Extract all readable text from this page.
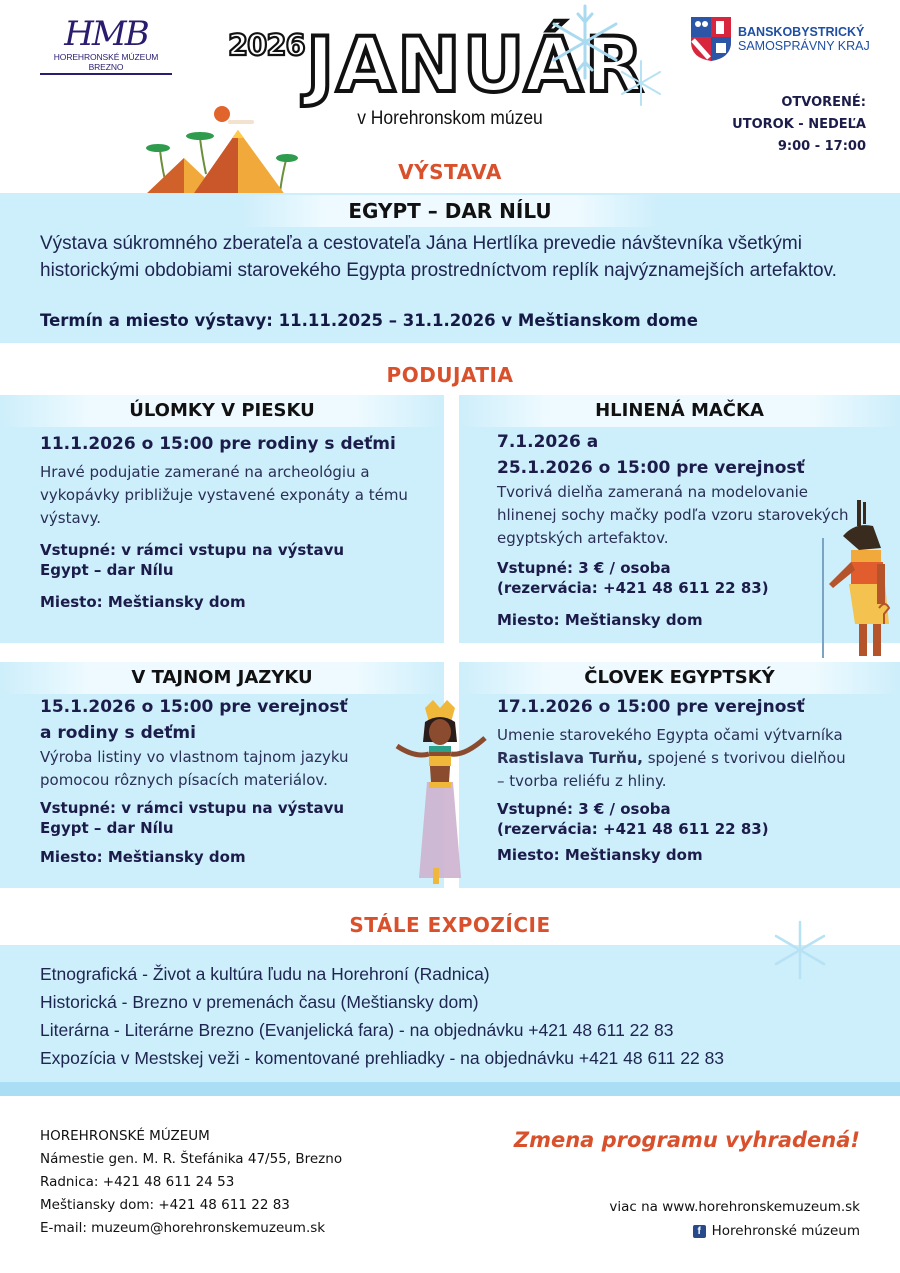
HMB
HOREHRONSKÉ MÚZEUM BREZNO
2026 JANUÁR
v Horehronskom múzeu
BANSKOBYSTRICKÝ
SAMOSPRÁVNY KRAJ
OTVORENÉ:
UTOROK - NEDEĽA
9:00 - 17:00
VÝSTAVA
EGYPT – DAR NÍLU
Výstava súkromného zberateľa a cestovateľa Jána Hertlíka prevedie návštevníka všetkými historickými obdobiami starovekého Egypta prostredníctvom replík najvýznamejších artefaktov.
Termín a miesto výstavy: 11.11.2025 – 31.1.2026 v Meštianskom dome
PODUJATIA
ÚLOMKY V PIESKU
11.1.2026 o 15:00 pre rodiny s deťmi
Hravé podujatie zamerané na archeológiu a vykopávky približuje vystavené exponáty a tému výstavy.
Vstupné: v rámci vstupu na výstavu
Egypt – dar Nílu
Miesto: Meštiansky dom
HLINENÁ MAČKA
7.1.2026 a
25.1.2026 o 15:00 pre verejnosť
Tvorivá dielňa zameraná na modelovanie hlinenej sochy mačky podľa vzoru starovekých egyptských artefaktov.
Vstupné: 3 € / osoba
(rezervácia: +421 48 611 22 83)
Miesto: Meštiansky dom
V TAJNOM JAZYKU
15.1.2026 o 15:00 pre verejnosť
a rodiny s deťmi
Výroba listiny vo vlastnom tajnom jazyku pomocou rôznych písacích materiálov.
Vstupné: v rámci vstupu na výstavu
Egypt – dar Nílu
Miesto: Meštiansky dom
ČLOVEK EGYPTSKÝ
17.1.2026 o 15:00 pre verejnosť
Umenie starovekého Egypta očami výtvarníka Rastislava Turňu, spojené s tvorivou dielňou – tvorba reliéfu z hliny.
Vstupné: 3 € / osoba
(rezervácia: +421 48 611 22 83)
Miesto: Meštiansky dom
STÁLE EXPOZÍCIE
Etnografická - Život a kultúra ľudu na Horehroní (Radnica)
Historická - Brezno v premenách času (Meštiansky dom)
Literárna - Literárne Brezno (Evanjelická fara) - na objednávku +421 48 611 22 83
Expozícia v Mestskej veži - komentované prehliadky - na objednávku +421 48 611 22 83
HOREHRONSKÉ MÚZEUM
Námestie gen. M. R. Štefánika 47/55, Brezno
Radnica: +421 48 611 24 53
Meštiansky dom: +421 48 611 22 83
E-mail: muzeum@horehronskemuzeum.sk
Zmena programu vyhradená!
viac na www.horehronskemuzeum.sk
f Horehronské múzeum
